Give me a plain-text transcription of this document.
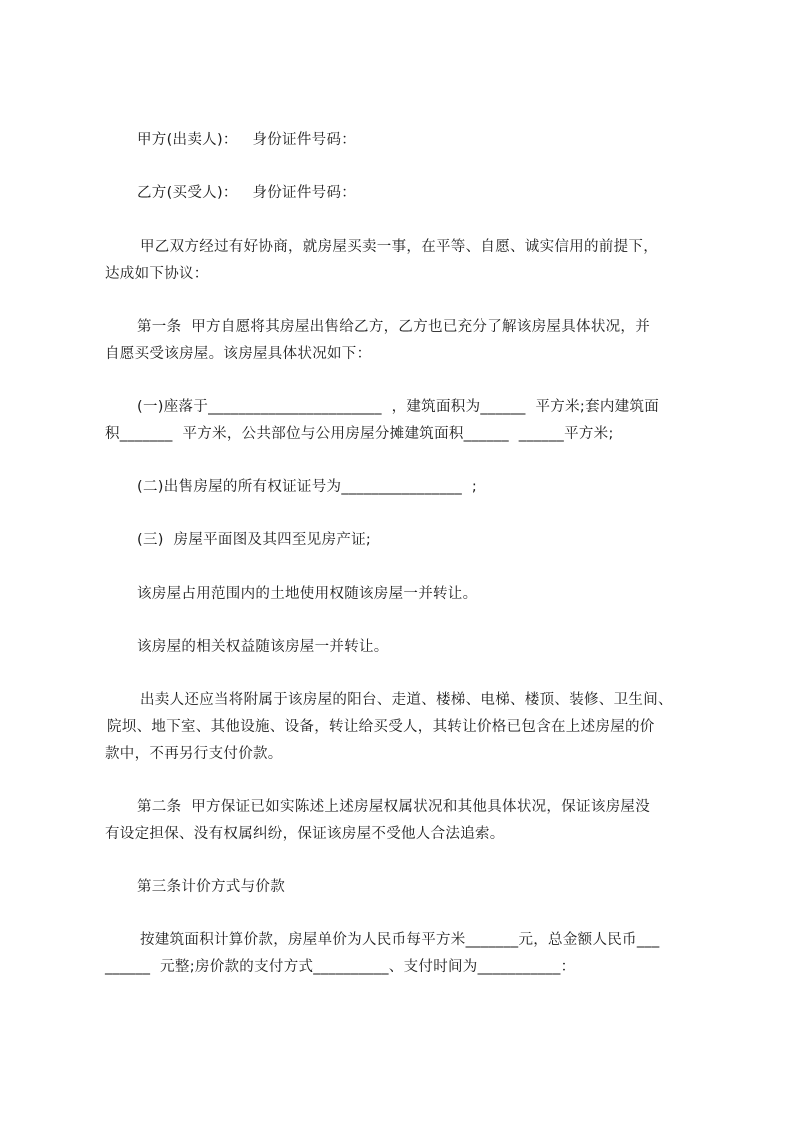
甲方(出卖人)：   身份证件号码：
乙方(买受人)：   身份证件号码：
甲乙双方经过有好协商，就房屋买卖一事，在平等、自愿、诚实信用的前提下，
达成如下协议：
第一条  甲方自愿将其房屋出售给乙方，乙方也已充分了解该房屋具体状况，并
自愿买受该房屋。该房屋具体状况如下：
(一)座落于_______________________  ，建筑面积为______  平方米;套内建筑面
积_______  平方米，公共部位与公用房屋分摊建筑面积______  ______平方米;
(二)出售房屋的所有权证证号为________________  ;
(三)  房屋平面图及其四至见房产证;
该房屋占用范围内的土地使用权随该房屋一并转让。
该房屋的相关权益随该房屋一并转让。
出卖人还应当将附属于该房屋的阳台、走道、楼梯、电梯、楼顶、装修、卫生间、
院坝、地下室、其他设施、设备，转让给买受人，其转让价格已包含在上述房屋的价
款中，不再另行支付价款。
第二条  甲方保证已如实陈述上述房屋权属状况和其他具体状况，保证该房屋没
有设定担保、没有权属纠纷，保证该房屋不受他人合法追索。
第三条计价方式与价款
按建筑面积计算价款，房屋单价为人民币每平方米_______元，总金额人民币___
______  元整;房价款的支付方式__________、支付时间为___________：
